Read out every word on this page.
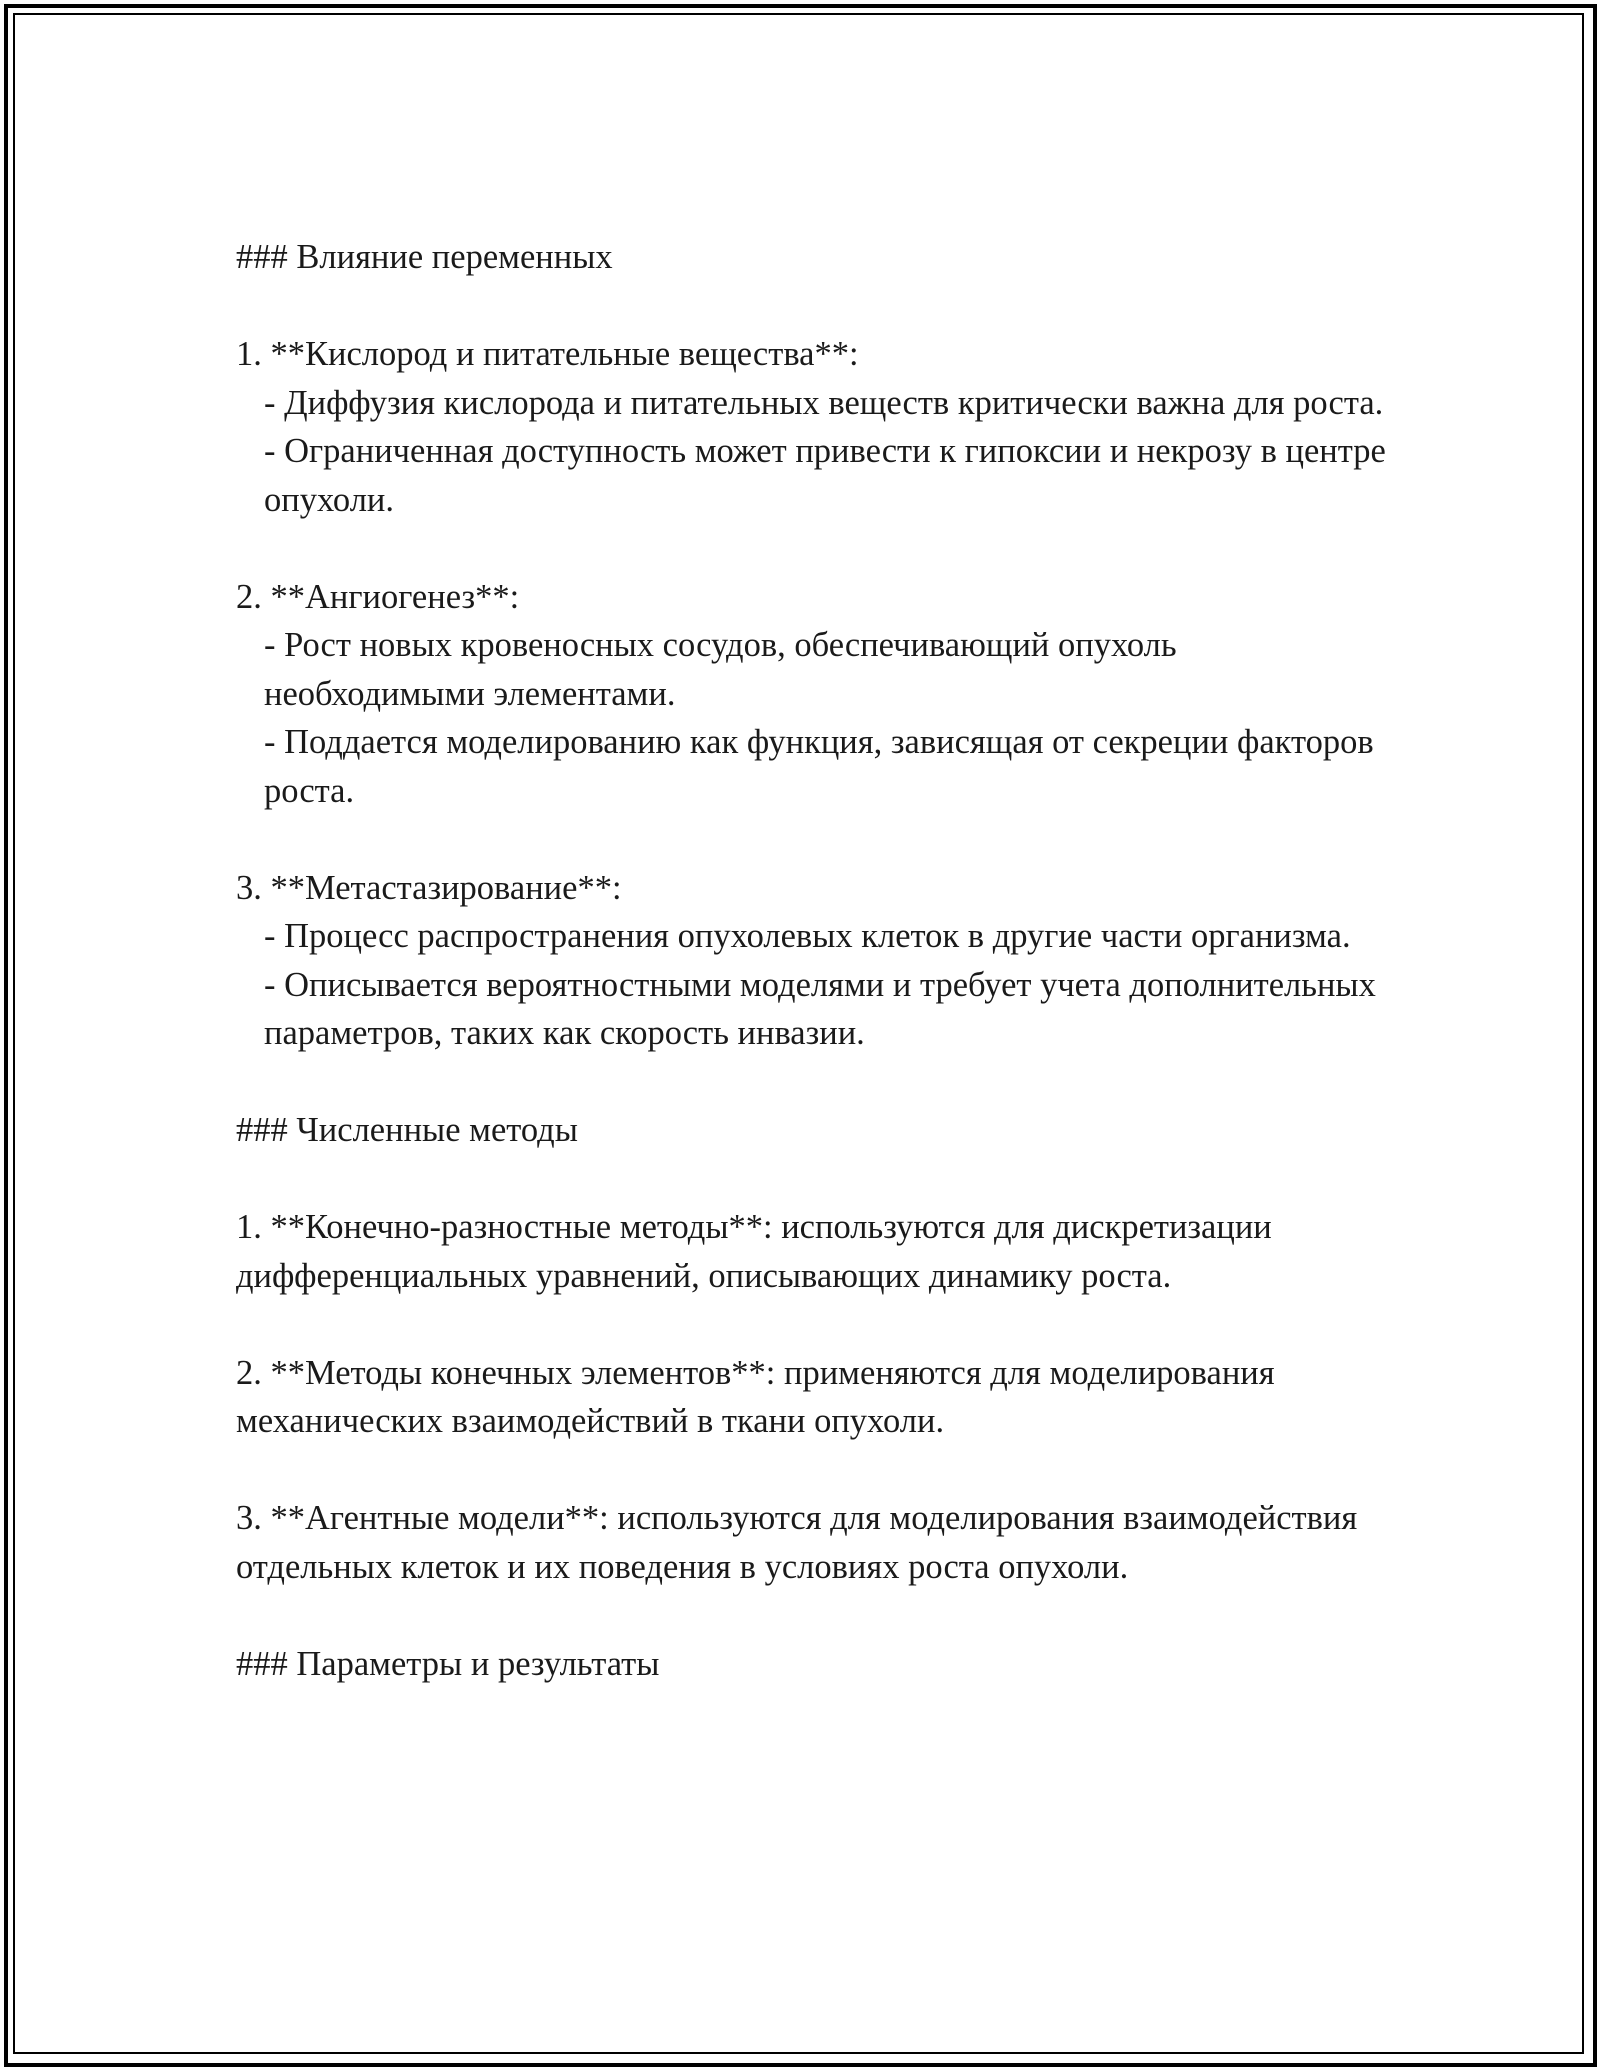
### Влияние переменных

1. **Кислород и питательные вещества**:

- Диффузия кислорода и питательных веществ критически важна для роста.

- Ограниченная доступность может привести к гипоксии и некрозу в центре опухоли.

2. **Ангиогенез**:

- Рост новых кровеносных сосудов, обеспечивающий опухоль необходимыми элементами.

- Поддается моделированию как функция, зависящая от секреции факторов роста.

3. **Метастазирование**:

- Процесс распространения опухолевых клеток в другие части организма.

- Описывается вероятностными моделями и требует учета дополнительных параметров, таких как скорость инвазии.

### Численные методы

1. **Конечно-разностные методы**: используются для дискретизации дифференциальных уравнений, описывающих динамику роста.

2. **Методы конечных элементов**: применяются для моделирования механических взаимодействий в ткани опухоли.

3. **Агентные модели**: используются для моделирования взаимодействия отдельных клеток и их поведения в условиях роста опухоли.

### Параметры и результаты
